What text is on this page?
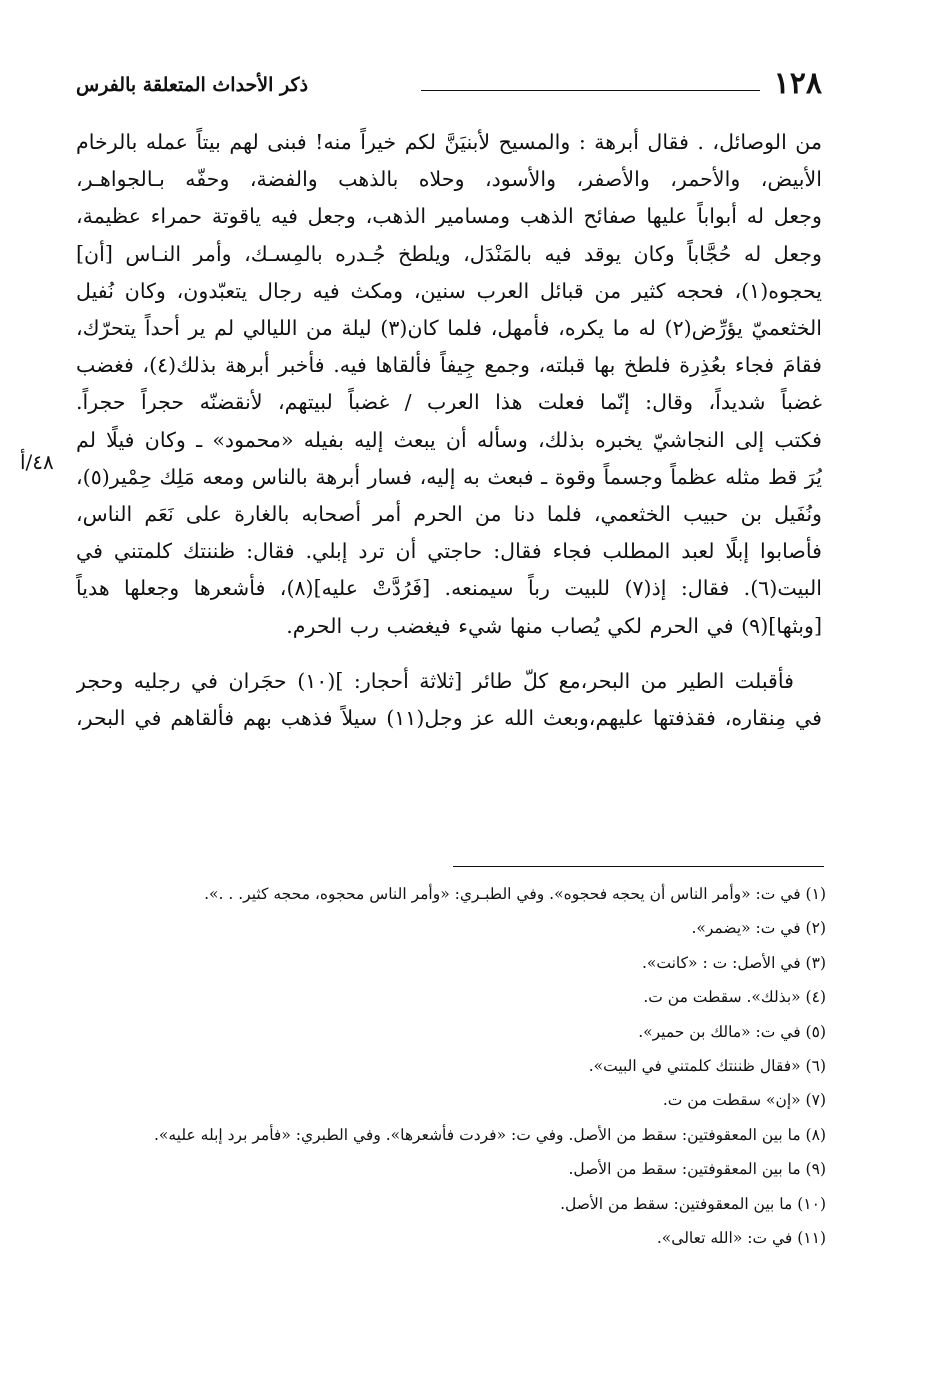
١٢٨
ذكر الأحداث المتعلقة بالفرس
٤٨/أ
من الوصائل، . فقال أبرهة : والمسيح لأبنيَنَّ لكم خيراً منه! فبنى لهم بيتاً عمله بالرخام
الأبيض، والأحمر، والأصفر، والأسود، وحلاه بالذهب والفضة، وحفّه بـالجواهـر،
وجعل له أبواباً عليها صفائح الذهب ومسامير الذهب، وجعل فيه ياقوتة حمراء عظيمة،
وجعل له حُجَّاباً وكان يوقد فيه بالمَنْدَل، ويلطخ جُـدره بالمِسـك، وأمر النـاس [أن]
يحجوه(١)، فحجه كثير من قبائل العرب سنين، ومكث فيه رجال يتعبّدون، وكان نُفيل
الخثعميّ يؤرِّض(٢) له ما يكره، فأمهل، فلما كان(٣) ليلة من الليالي لم ير أحداً يتحرّك،
فقامَ فجاء بعُذِرة فلطخ بها قبلته، وجمع جِيفاً فألقاها فيه. فأخبر أبرهة بذلك(٤)، فغضب
غضباً شديداً، وقال: إنّما فعلت هذا العرب / غضباً لبيتهم، لأنقضنّه حجراً حجراً.
فكتب إلى النجاشيّ يخبره بذلك، وسأله أن يبعث إليه بفيله «محمود» ـ وكان فيلًا لم
يُرَ قط مثله عظماً وجسماً وقوة ـ فبعث به إليه، فسار أبرهة بالناس ومعه مَلِك حِمْير(٥)،
ونُفَيل بن حبيب الخثعمي، فلما دنا من الحرم أمر أصحابه بالغارة على نَعَم الناس،
فأصابوا إبلًا لعبد المطلب فجاء فقال: حاجتي أن ترد إبلي. فقال: ظننتك كلمتني في
البيت(٦). فقال: إذ(٧) للبيت رباً سيمنعه. [فَرُدَّتْ عليه](٨)، فأشعرها وجعلها هدياً
[وبثها](٩) في الحرم لكي يُصاب منها شيء فيغضب رب الحرم.
فأقبلت الطير من البحر،مع كلّ طائر [ثلاثة أحجار: ](١٠) حجَران في رجليه وحجر
في مِنقاره، فقذفتها عليهم،وبعث الله عز وجل(١١) سيلاً فذهب بهم فألقاهم في البحر،
(١) في ت: «وأمر الناس أن يحجه فحجوه». وفي الطبـري: «وأمر الناس محجوه، محجه كثير. . .».
(٢) في ت: «يضمر».
(٣) في الأصل: ت : «كانت».
(٤) «بذلك». سقطت من ت.
(٥) في ت: «مالك بن حمير».
(٦) «فقال ظننتك كلمتني في البيت».
(٧) «إن» سقطت من ت.
(٨) ما بين المعقوفتين: سقط من الأصل. وفي ت: «فردت فأشعرها». وفي الطبري: «فأمر برد إبله عليه».
(٩) ما بين المعقوفتين: سقط من الأصل.
(١٠) ما بين المعقوفتين: سقط من الأصل.
(١١) في ت: «الله تعالى».
